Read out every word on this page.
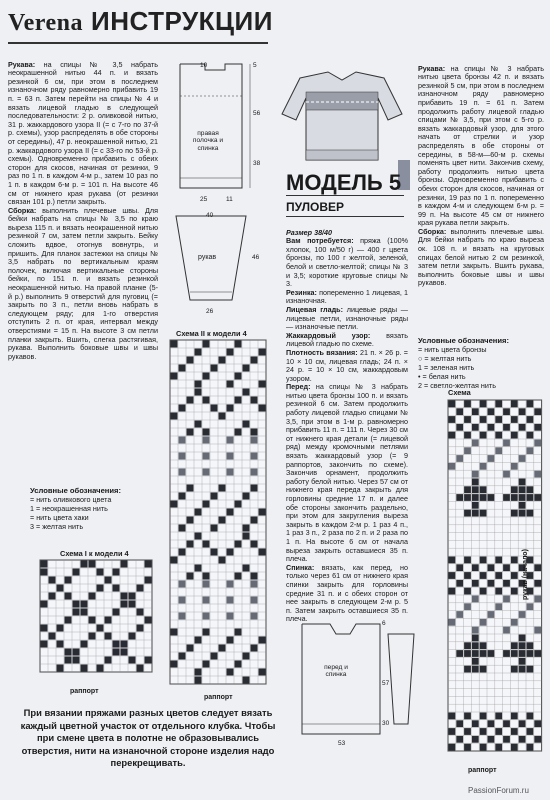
Verena ИНСТРУКЦИИ

Рукава: на спицы № 3,5 набрать неокрашенной нитью 44 п. и вязать резинкой 6 см, при этом в последнем изнаночном ряду равномерно прибавить 19 п. = 63 п. Затем перейти на спицы № 4 и вязать лицевой гладью в следующей последовательности: 2 р. оливковой нитью, 31 р. жаккардового узора II (= с 7-го по 37-й р. схемы), узор распределять в обе стороны от середины), 47 р. неокрашенной нитью, 21 р. жаккардового узора II (= с 33-го по 53-й р. схемы). Одновременно прибавить с обеих сторон для скосов, начиная от резинки, 9 раз по 1 п. в каждом 4-м р., затем 10 раз по 1 п. в каждом 6-м р. = 101 п. На высоте 46 см от нижнего края рукава (от резинки связан 101 р.) петли закрыть.
Сборка: выполнить плечевые швы. Для бейки набрать на спицы № 3,5 по краю выреза 115 п. и вязать неокрашенной нитью резинкой 7 см, затем петли закрыть. Бейку сложить вдвое, отогнув вовнутрь, и пришить. Для планок застежки на спицы № 3,5 набрать по вертикальным краям полочек, включая вертикальные стороны бейки, по 151 п. и вязать резинкой неокрашенной нитью. На правой планке (5-й р.) выполнить 9 отверстий для пуговиц (= закрыть по 3 п., петли вновь набрать в следующем ряду; для 1-го отверстия отступить 2 п. от края, интервал между отверстиями = 15 п. На высоте 3 см петли планки закрыть. Вшить, слегка растягивая, рукава. Выполнить боковые швы и швы рукавов.

Условные обозначения:
= нить оливкового цвета
1 = неокрашенная нить
= нить цвета хаки
3 = желтая нить
Схема I к модели 4
раппорт
правая полочка и спинка
10
56
5
38
25	11
рукав
40
46
26
Схема II к модели 4
раппорт
МОДЕЛЬ 5
ПУЛОВЕР

Размер 38/40
Вам потребуется: пряжа (100% хлопок, 100 м/50 г) — 400 г цвета бронзы, по 100 г желтой, зеленой, белой и светло-желтой; спицы № 3 и 3,5; короткие круговые спицы № 3.
Резинка: попеременно 1 лицевая, 1 изнаночная.
Лицевая гладь: лицевые ряды — лицевые петли, изнаночные ряды — изнаночные петли.
Жаккардовый узор: вязать лицевой гладью по схеме.
Плотность вязания: 21 п. × 26 р. = 10 × 10 см, лицевая гладь; 24 п. × 24 р. = 10 × 10 см, жаккардовым узором.
Перед: на спицы № 3 набрать нитью цвета бронзы 100 п. и вязать резинкой 6 см. Затем продолжить работу лицевой гладью спицами № 3,5, при этом в 1-м р. равномерно прибавить 11 п. = 111 п. Через 30 см от нижнего края детали (= лицевой ряд) между кромочными петлями вязать жаккардовый узор (= 9 раппортов, закончить по схеме). Закончив орнамент, продолжить работу белой нитью. Через 57 см от нижнего края переда закрыть для горловины средние 17 п. и далее обе стороны закончить раздельно, при этом для закругления выреза закрыть в каждом 2-м р. 1 раз 4 п., 1 раз 3 п., 2 раза по 2 п. и 2 раза по 1 п. На высоте 6 см от начала выреза закрыть оставшиеся 35 п. плеча.
Спинка: вязать, как перед, но только через 61 см от нижнего края спинки закрыть для горловины средние 31 п. и с обеих сторон от нее закрыть в следующем 2-м р. 5 п. Затем закрыть оставшиеся 35 п. плеча.

перед и спинка
6
57
30
53

Рукава: на спицы № 3 набрать нитью цвета бронзы 42 п. и вязать резинкой 5 см, при этом в последнем изнаночном ряду равномерно прибавить 19 п. = 61 п. Затем продолжить работу лицевой гладью спицами № 3,5, при этом с 5-го р. вязать жаккардовый узор, для этого начать от стрелки и узор распределять в обе стороны от середины, в 58-м—60-м р. схемы поменять цвет нити. Закончив схему, работу продолжить нитью цвета бронзы. Одновременно прибавить с обеих сторон для скосов, начиная от резинки, 19 раз по 1 п. попеременно в каждом 4-м и следующем 6-м р. = 99 п. На высоте 45 см от нижнего края рукава петли закрыть.
Сборка: выполнить плечевые швы. Для бейки набрать по краю выреза ок. 108 п. и вязать на круговых спицах белой нитью 2 см резинкой, затем петли закрыть. Вшить рукава, выполнить боковые швы и швы рукавов.

Условные обозначения:
= нить цвета бронзы
○ = желтая нить
1 = зеленая нить
• = белая нить
2 = светло-желтая нить
Схема
рукав (начало)
раппорт
При вязании пряжами разных цветов следует вязать каждый цветной участок от отдельного клубка. Чтобы при смене цвета в полотне не образовывались отверстия, нити на изнаночной стороне изделия надо перекрещивать.
PassionForum.ru
